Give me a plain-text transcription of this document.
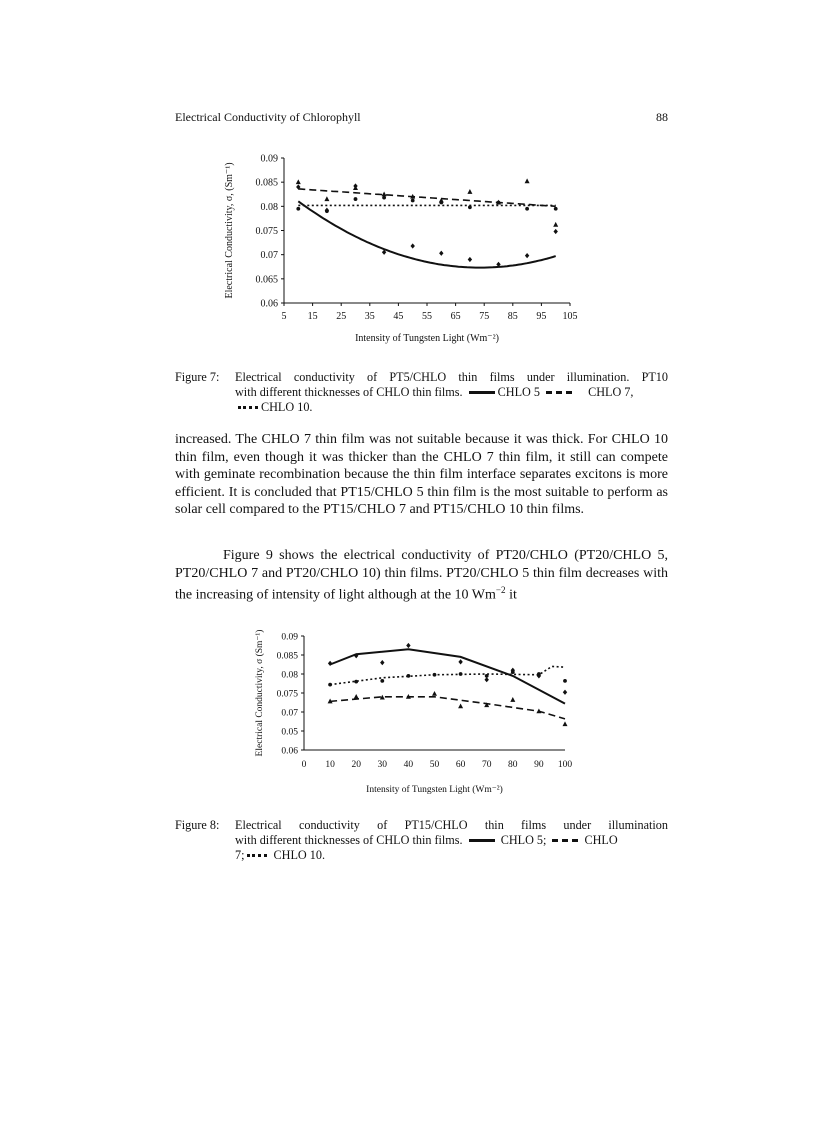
Electrical Conductivity of Chlorophyll	88
0.06
0.065
0.07
0.075
0.08
0.085
0.09
5 15 25 35 45 55 65 75 85 95 105
Intensity of Tungsten Light (Wm⁻²)
Electrical Conductivity, σ, (Sm⁻¹)
Figure 7: Electrical conductivity of PT5/CHLO thin films under illumination. PT10
with different thicknesses of CHLO thin films.	CHLO 5	CHLO 7,
CHLO 10.
increased. The CHLO 7 thin film was not suitable because it was thick. For CHLO 10 thin film, even though it was thicker than the CHLO 7 thin film, it still can compete with geminate recombination because the thin film interface separates excitons is more efficient. It is concluded that PT15/CHLO 5 thin film is the most suitable to perform as solar cell compared to the PT15/CHLO 7 and PT15/CHLO 10 thin films.
Figure 9 shows the electrical conductivity of PT20/CHLO (PT20/CHLO 5, PT20/CHLO 7 and PT20/CHLO 10) thin films. PT20/CHLO 5 thin film decreases with the increasing of intensity of light although at the 10 $Wm^{-2}$ it
0.06
0.05
0.07
0.075
0.08
0.085
0.09
0 10 20 30 40 50 60 70 80 90 100
Intensity of Tungsten Light (Wm⁻²)
Electrical Conductivity, σ (Sm⁻¹)
Figure 8: Electrical conductivity of PT15/CHLO thin films under illumination
with different thicknesses of CHLO thin films.	CHLO 5;	CHLO
7; CHLO 10.
